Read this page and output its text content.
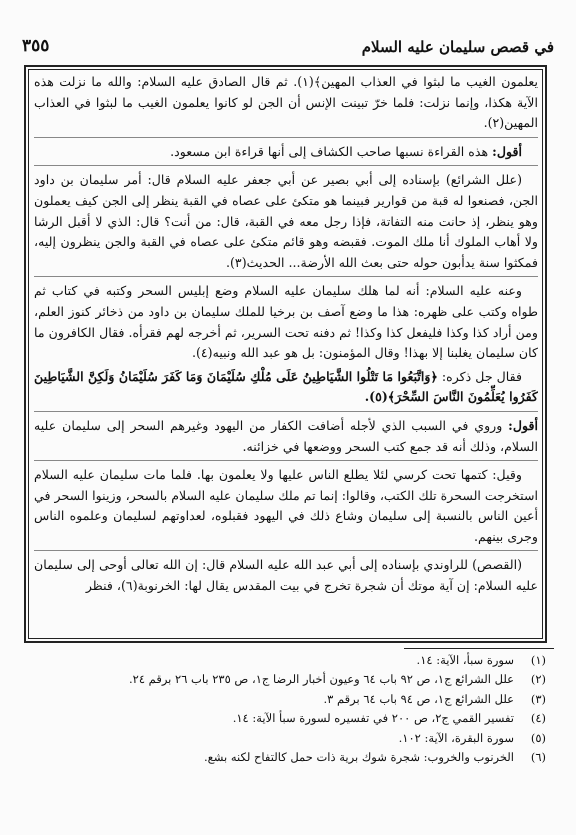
في قصص سليمان عليه السلام
٣٥٥

يعلمون الغيب ما لبثوا في العذاب المهين﴾(١). ثم قال الصادق عليه السلام: والله ما نزلت هذه الآية هكذا، وإنما نزلت: فلما خرّ تبينت الإنس أن الجن لو كانوا يعلمون الغيب ما لبثوا في العذاب المهين(٢).

أقول: هذه القراءة نسبها صاحب الكشاف إلى أنها قراءة ابن مسعود.

(علل الشرائع) بإسناده إلى أبي بصير عن أبي جعفر عليه السلام قال: أمر سليمان بن داود الجن، فصنعوا له قبة من قوارير فبينما هو متكئ على عصاه في القبة ينظر إلى الجن كيف يعملون وهو ينظر، إذ حانت منه التفاتة، فإذا رجل معه في القبة، قال: من أنت؟ قال: الذي لا أقبل الرشا ولا أهاب الملوك أنا ملك الموت. فقبضه وهو قائم متكئ على عصاه في القبة والجن ينظرون إليه، فمكثوا سنة يدأبون حوله حتى بعث الله الأرضة... الحديث(٣).

وعنه عليه السلام: أنه لما هلك سليمان عليه السلام وضع إبليس السحر وكتبه في كتاب ثم طواه وكتب على ظهره: هذا ما وضع آصف بن برخيا للملك سليمان بن داود من ذخائر كنوز العلم، ومن أراد كذا وكذا فليفعل كذا وكذا! ثم دفنه تحت السرير، ثم أخرجه لهم فقرأه. فقال الكافرون ما كان سليمان يغلبنا إلا بهذا! وقال المؤمنون: بل هو عبد الله ونبيه(٤).

فقال جل ذكره: ﴿وَاتَّبَعُوا مَا تَتْلُوا الشَّيَاطِينُ عَلَى مُلْكِ سُلَيْمَانَ وَمَا كَفَرَ سُلَيْمَانُ وَلَكِنَّ الشَّيَاطِينَ كَفَرُوا يُعَلِّمُونَ النَّاسَ السِّحْرَ﴾(٥).

أقول: وروي في السبب الذي لأجله أضافت الكفار من اليهود وغيرهم السحر إلى سليمان عليه السلام، وذلك أنه قد جمع كتب السحر ووضعها في خزائنه.

وقيل: كتمها تحت كرسي لئلا يطلع الناس عليها ولا يعلمون بها. فلما مات سليمان عليه السلام استخرجت السحرة تلك الكتب، وقالوا: إنما تم ملك سليمان عليه السلام بالسحر، وزينوا السحر في أعين الناس بالنسبة إلى سليمان وشاع ذلك في اليهود فقبلوه، لعداوتهم لسليمان وعلموه الناس وجرى بينهم.

(القصص) للراوندي بإسناده إلى أبي عبد الله عليه السلام قال: إن الله تعالى أوحى إلى سليمان عليه السلام: إن آية موتك أن شجرة تخرج في بيت المقدس يقال لها: الخرنوبة(٦)، فنظر

(١)
سورة سبأ، الآية: ١٤.
(٢)
علل الشرائع ج١، ص ٩٢ باب ٦٤ وعيون أخبار الرضا ج١، ص ٢٣٥ باب ٢٦ برقم ٢٤.
(٣)
علل الشرائع ج١، ص ٩٤ باب ٦٤ برقم ٣.
(٤)
تفسير القمي ج٢، ص ٢٠٠ في تفسيره لسورة سبأ الآية: ١٤.
(٥)
سورة البقرة، الآية: ١٠٢.
(٦)
الخرنوب والخروب: شجرة شوك برية ذات حمل كالتفاح لكنه بشع.
